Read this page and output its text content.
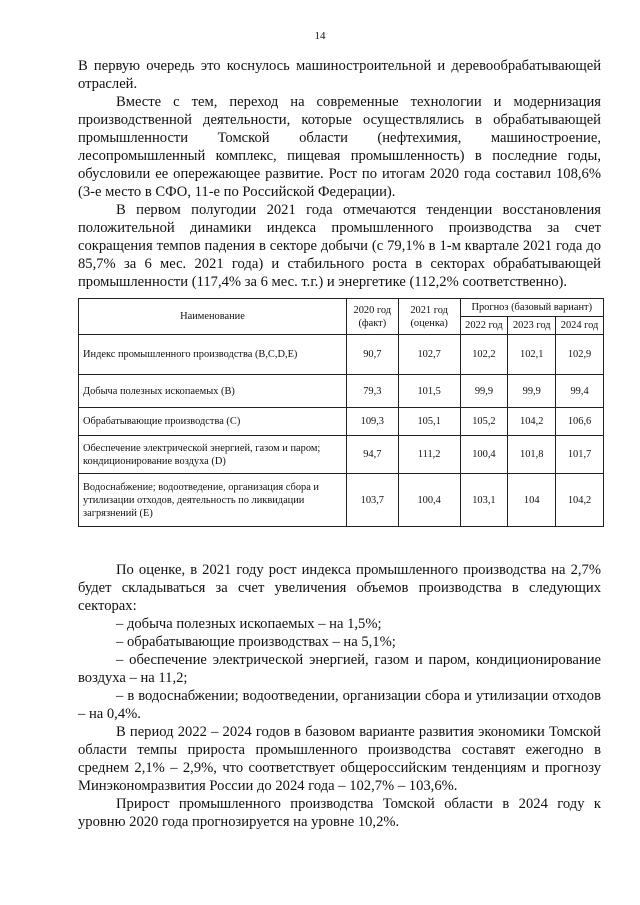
14

В первую очередь это коснулось машиностроительной и деревообрабатывающей отраслей.

Вместе с тем, переход на современные технологии и модернизация производственной деятельности, которые осуществлялись в обрабатывающей промышленности Томской области (нефтехимия, машиностроение, лесопромышленный комплекс, пищевая промышленность) в последние годы, обусловили ее опережающее развитие. Рост по итогам 2020 года составил 108,6% (3-е место в СФО, 11-е по Российской Федерации).

В первом полугодии 2021 года отмечаются тенденции восстановления положительной динамики индекса промышленного производства за счет сокращения темпов падения в секторе добычи (с 79,1% в 1-м квартале 2021 года до 85,7% за 6 мес. 2021 года) и стабильного роста в секторах обрабатывающей промышленности (117,4% за 6 мес. т.г.) и энергетике (112,2% соответственно).

Наименование	2020 год (факт)	2021 год (оценка)	Прогноз (базовый вариант)		
			2022 год	2023 год	2024 год
Индекс промышленного производства (B,C,D,E)	90,7	102,7	102,2	102,1	102,9
Добыча полезных ископаемых (B)	79,3	101,5	99,9	99,9	99,4
Обрабатывающие производства (C)	109,3	105,1	105,2	104,2	106,6
Обеспечение электрической энергией, газом и паром; кондиционирование воздуха (D)	94,7	111,2	100,4	101,8	101,7
Водоснабжение; водоотведение, организация сбора и утилизации отходов, деятельность по ликвидации загрязнений (E)	103,7	100,4	103,1	104	104,2

По оценке, в 2021 году рост индекса промышленного производства на 2,7% будет складываться за счет увеличения объемов производства в следующих секторах:

– добыча полезных ископаемых – на 1,5%;

– обрабатывающие производствах – на 5,1%;

– обеспечение электрической энергией, газом и паром, кондиционирование воздуха – на 11,2;

– в водоснабжении; водоотведении, организации сбора и утилизации отходов – на 0,4%.

В период 2022 – 2024 годов в базовом варианте развития экономики Томской области темпы прироста промышленного производства составят ежегодно в среднем 2,1% – 2,9%, что соответствует общероссийским тенденциям и прогнозу Минэкономразвития России до 2024 года – 102,7% – 103,6%.

Прирост промышленного производства Томской области в 2024 году к уровню 2020 года прогнозируется на уровне 10,2%.
